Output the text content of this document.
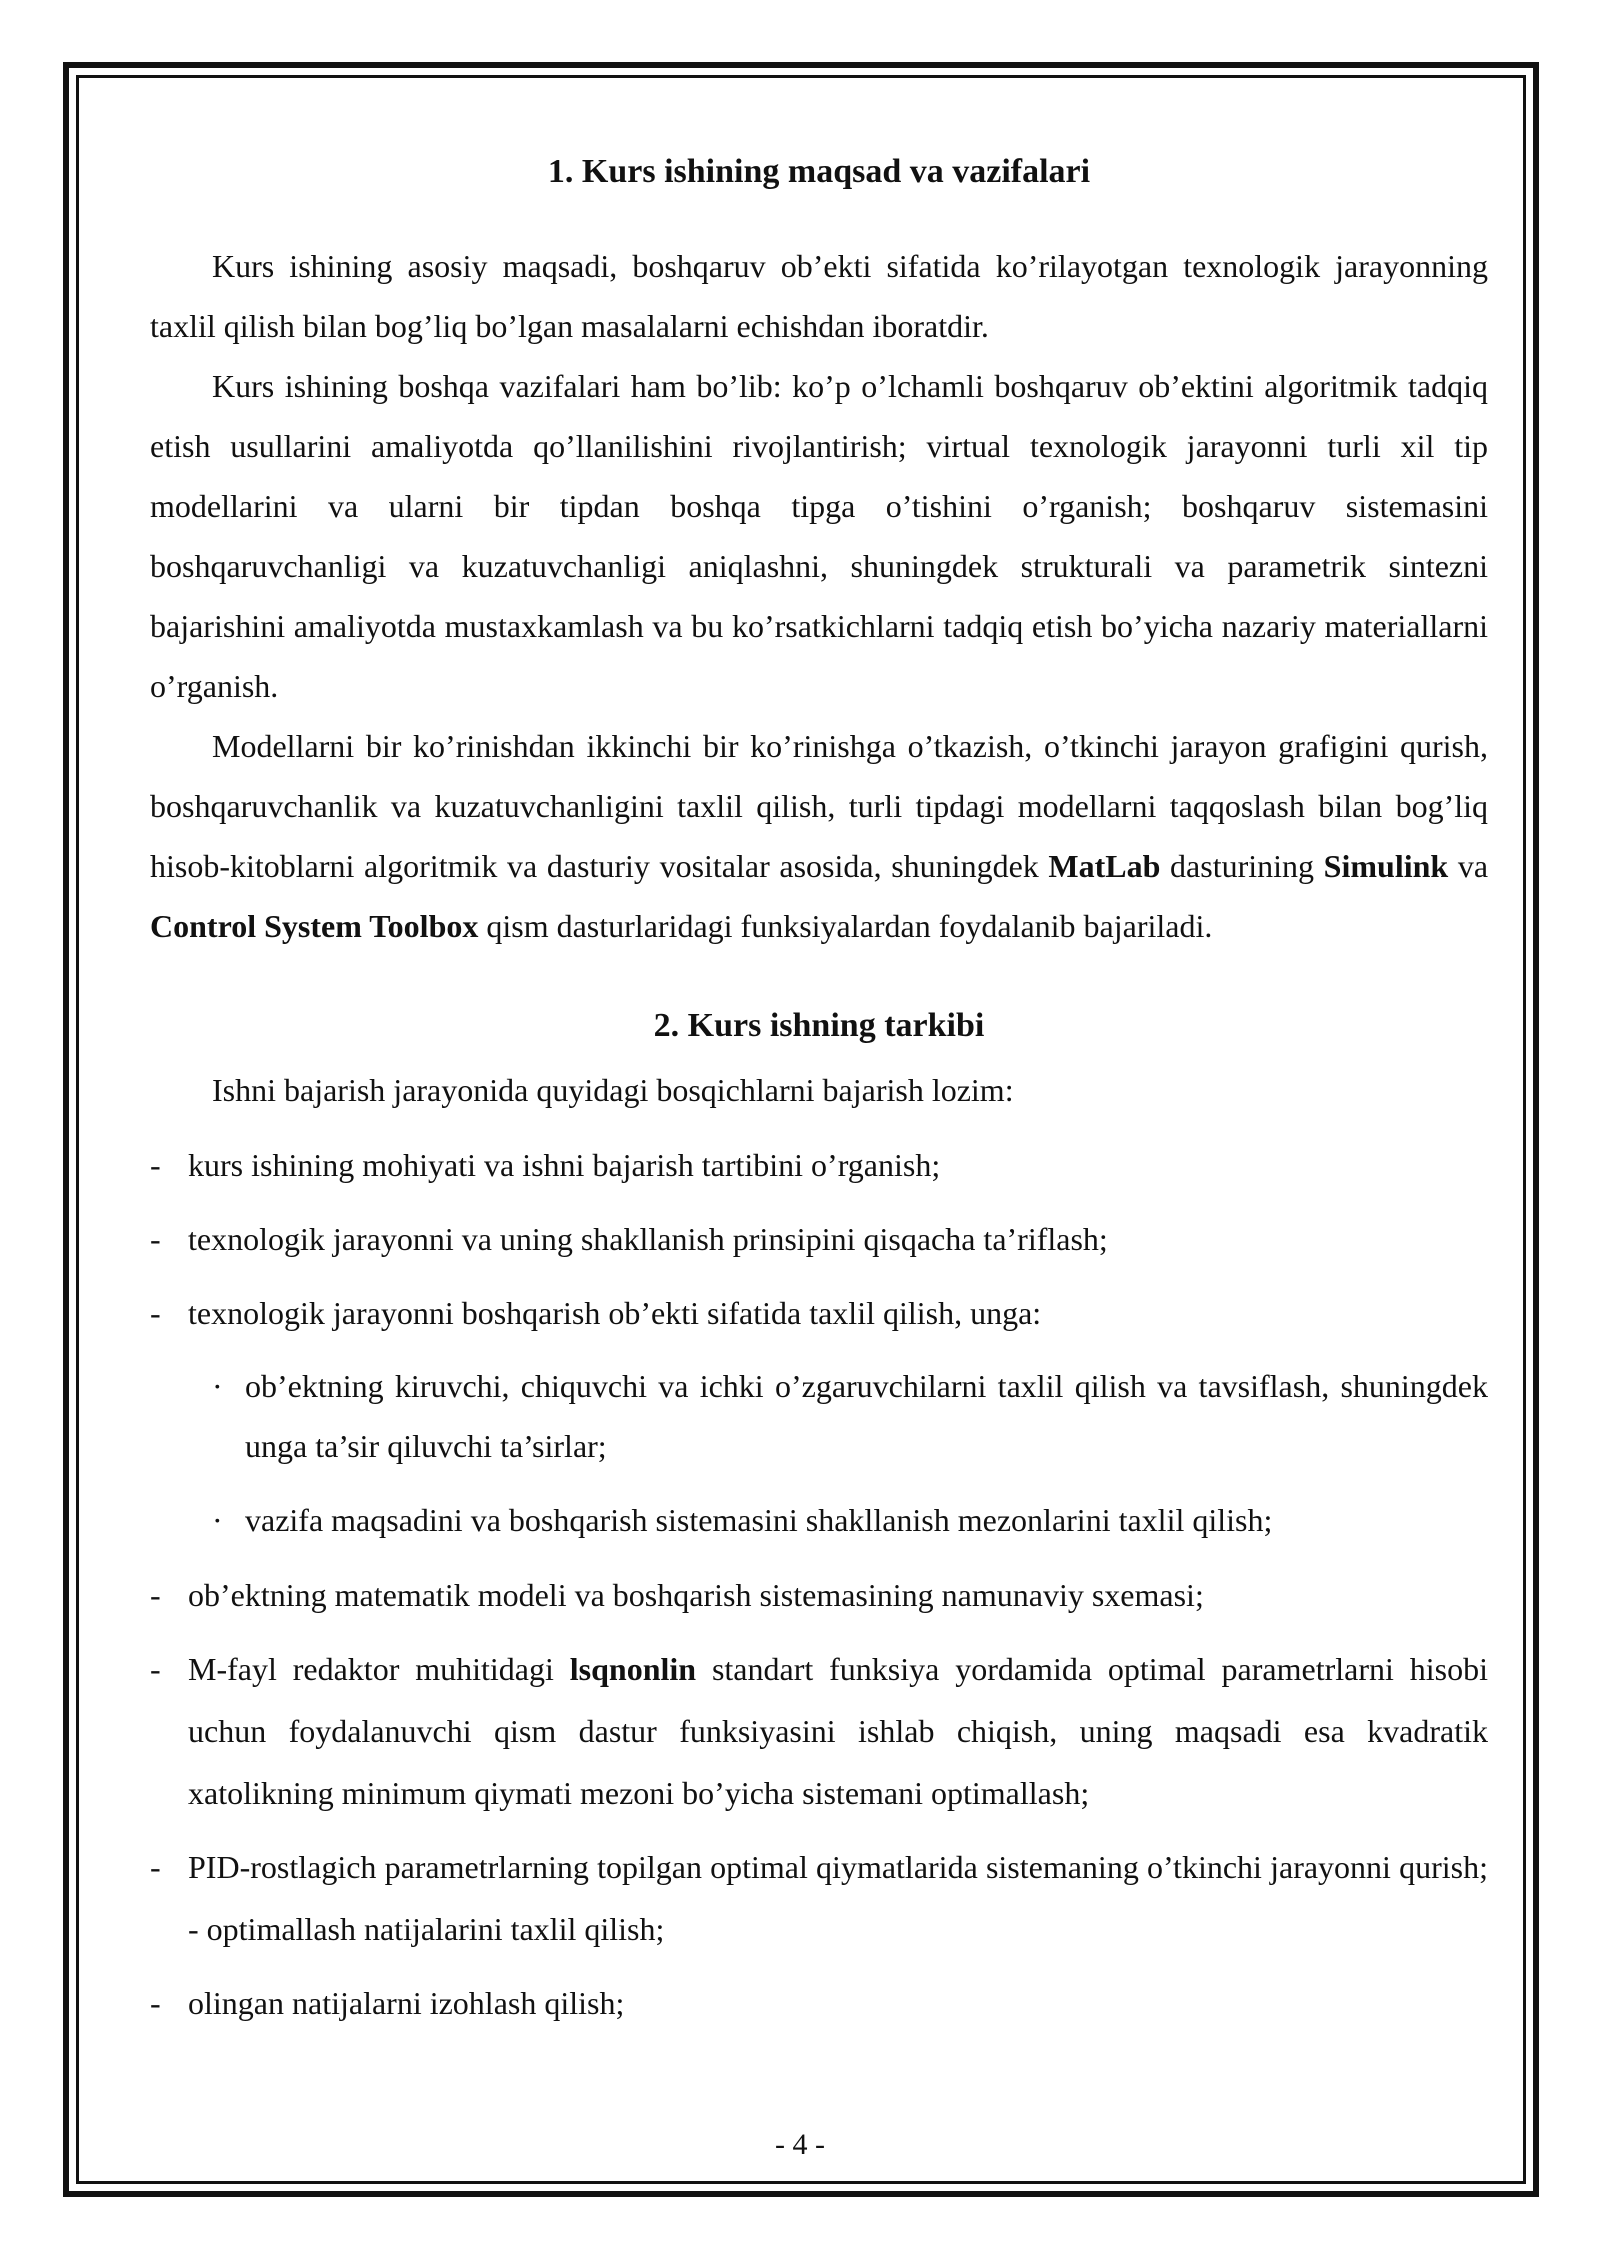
1. Kurs ishining maqsad va vazifalari

Kurs ishining asosiy maqsadi, boshqaruv ob’ekti sifatida ko’rilayotgan texnologik jarayonning taxlil qilish bilan bog’liq bo’lgan masalalarni echishdan iboratdir.

Kurs ishining boshqa vazifalari ham bo’lib: ko’p o’lchamli boshqaruv ob’ektini algoritmik tadqiq etish usullarini amaliyotda qo’llanilishini rivojlantirish; virtual texnologik jarayonni turli xil tip modellarini va ularni bir tipdan boshqa tipga o’tishini o’rganish; boshqaruv sistemasini boshqaruvchanligi va kuzatuvchanligi aniqlashni, shuningdek strukturali va parametrik sintezni bajarishini amaliyotda mustaxkamlash va bu ko’rsatkichlarni tadqiq etish bo’yicha nazariy materiallarni o’rganish.

Modellarni bir ko’rinishdan ikkinchi bir ko’rinishga o’tkazish, o’tkinchi jarayon grafigini qurish, boshqaruvchanlik va kuzatuvchanligini taxlil qilish, turli tipdagi modellarni taqqoslash bilan bog’liq hisob-kitoblarni algoritmik va dasturiy vositalar asosida, shuningdek MatLab dasturining Simulink va Control System Toolbox qism dasturlaridagi funksiyalardan foydalanib bajariladi.

2. Kurs ishning tarkibi

Ishni bajarish jarayonida quyidagi bosqichlarni bajarish lozim:

- kurs ishining mohiyati va ishni bajarish tartibini o’rganish;
- texnologik jarayonni va uning shakllanish prinsipini qisqacha ta’riflash;
- texnologik jarayonni boshqarish ob’ekti sifatida taxlil qilish, unga:
· ob’ektning kiruvchi, chiquvchi va ichki o’zgaruvchilarni taxlil qilish va tavsiflash, shuningdek unga ta’sir qiluvchi ta’sirlar;
· vazifa maqsadini va boshqarish sistemasini shakllanish mezonlarini taxlil qilish;
- ob’ektning matematik modeli va boshqarish sistemasining namunaviy sxemasi;
- M-fayl redaktor muhitidagi lsqnonlin standart funksiya yordamida optimal parametrlarni hisobi uchun foydalanuvchi qism dastur funksiyasini ishlab chiqish, uning maqsadi esa kvadratik xatolikning minimum qiymati mezoni bo’yicha sistemani optimallash;
- PID-rostlagich parametrlarning topilgan optimal qiymatlarida sistemaning o’tkinchi jarayonni qurish; - optimallash natijalarini taxlil qilish;
- olingan natijalarni izohlash qilish;
- 4 -
